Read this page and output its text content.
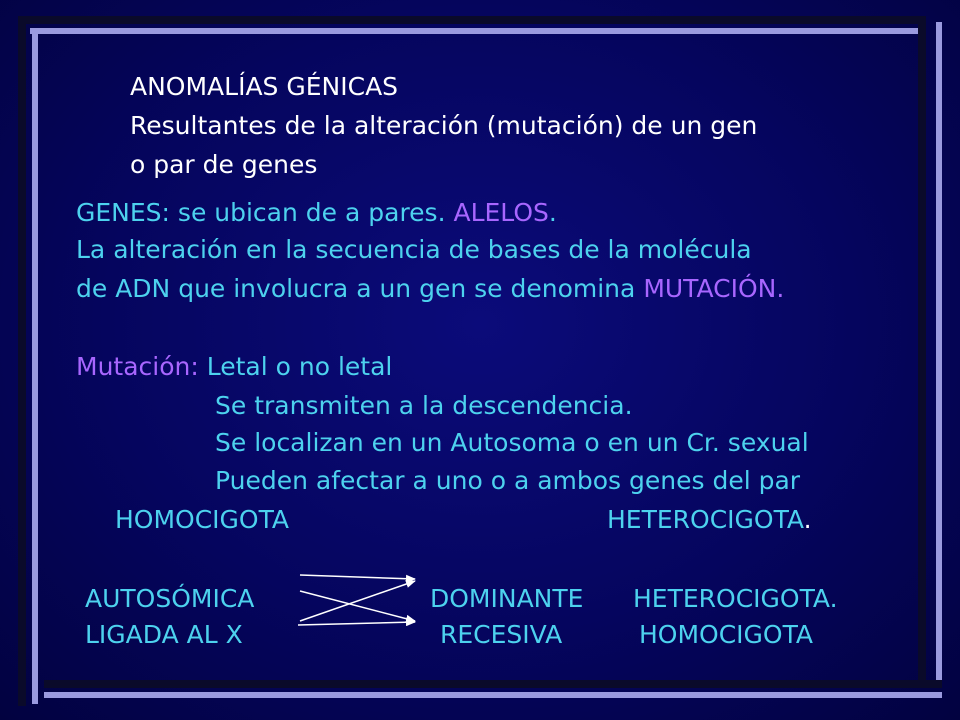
ANOMALÍAS GÉNICAS
Resultantes de la alteración (mutación) de un gen
o par de genes
GENES: se ubican de a pares. ALELOS.
La alteración en la secuencia de bases de la molécula
de ADN que involucra a un gen se denomina MUTACIÓN.
Mutación: Letal o no letal
Se transmiten a la descendencia.
Se localizan en un Autosoma o en un Cr. sexual
Pueden afectar a uno o a ambos genes del par
HOMOCIGOTA	HETEROCIGOTA.
AUTOSÓMICA
LIGADA AL X
DOMINANTE
RECESIVA
HETEROCIGOTA.
HOMOCIGOTA
